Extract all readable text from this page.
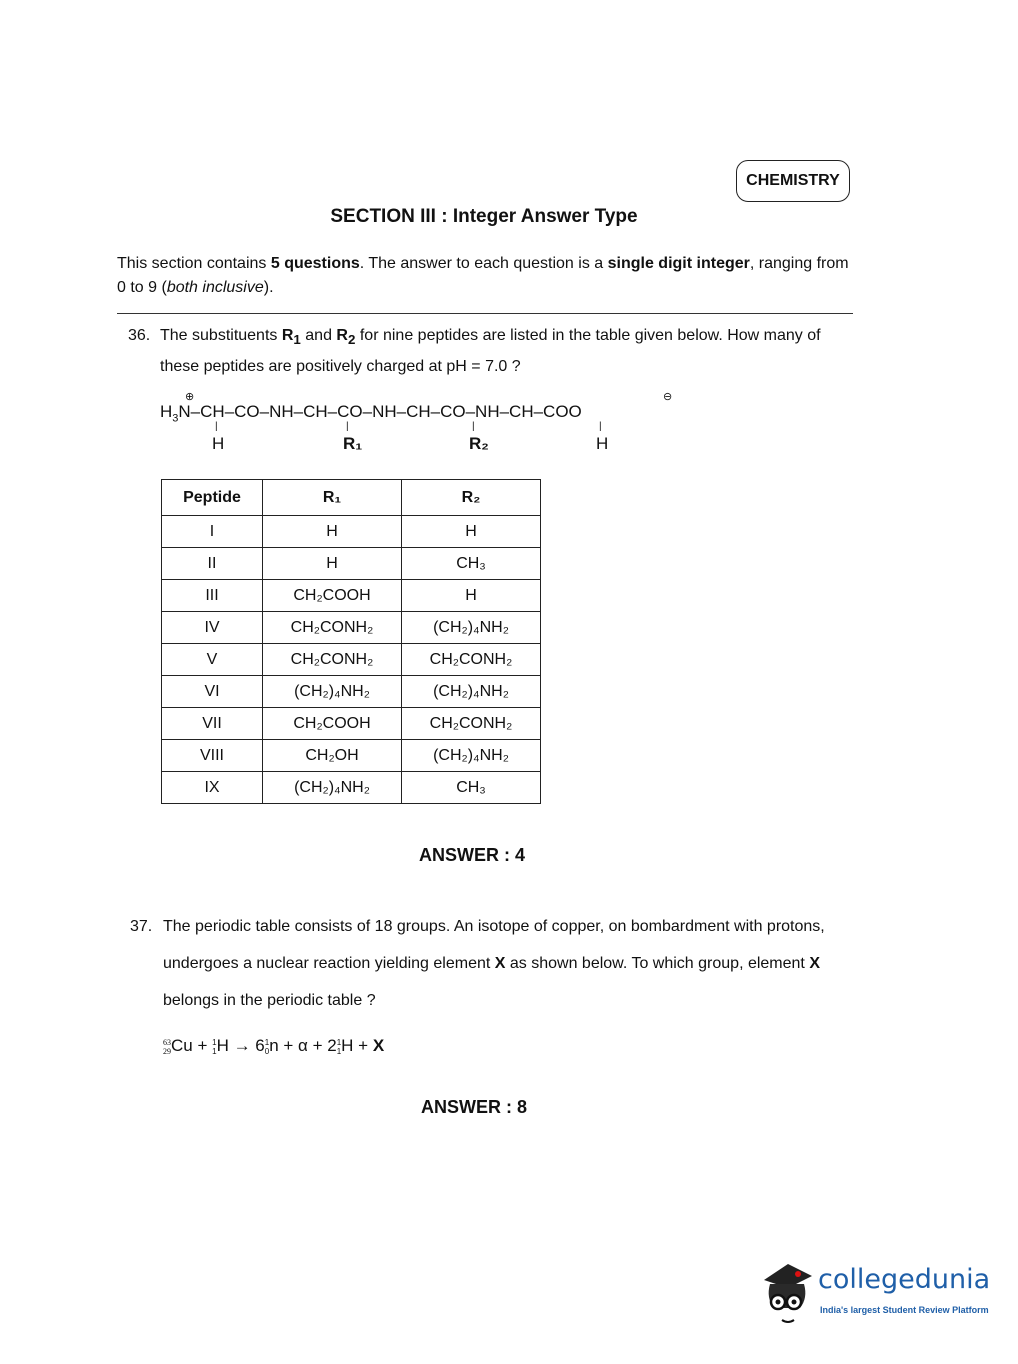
CHEMISTRY
SECTION III : Integer Answer Type
This section contains 5 questions. The answer to each question is a single digit integer, ranging from 0 to 9 (both inclusive).
36. The substituents $R_1$ and $R_2$ for nine peptides are listed in the table given below. How many of these peptides are positively charged at pH = 7.0 ?
⊕	⊖
$H_3N-CH-CO-NH-CH-CO-NH-CH-CO-NH-CH$–COO
|	|	|	|
H	R₁	R₂	H
Peptide	R₁	R₂
I	H	H
II	H	CH₃
III	CH₂COOH	H
IV	CH₂CONH₂	(CH₂)₄NH₂
V	CH₂CONH₂	CH₂CONH₂
VI	(CH₂)₄NH₂	(CH₂)₄NH₂
VII	CH₂COOH	CH₂CONH₂
VIII	CH₂OH	(CH₂)₄NH₂
IX	(CH₂)₄NH₂	CH₃
ANSWER : 4
37. The periodic table consists of 18 groups. An isotope of copper, on bombardment with protons, undergoes a nuclear reaction yielding element X as shown below. To which group, element X belongs in the periodic table ?
63
29Cu + 1
1H → 61
0n + α + 21
1H + X
ANSWER : 8
collegedunia
India's largest Student Review Platform
